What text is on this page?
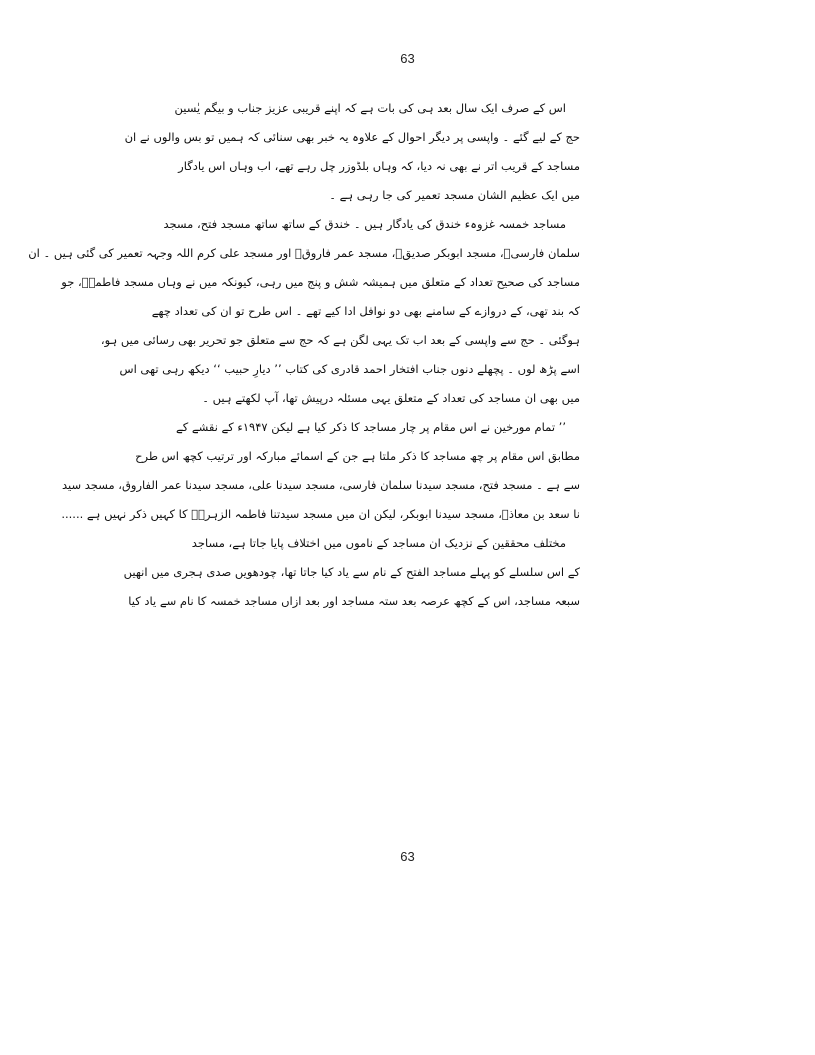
63
اس کے صرف ایک سال بعد ہی کی بات ہے کہ اپنے قریبی عزیز جناب و بیگم یٰسین
حج کے لیے گئے ۔ واپسی پر دیگر احوال کے علاوہ یہ خبر بھی سنائی کہ ہمیں تو بس والوں نے ان
مساجد کے قریب اتر نے بھی نہ دیا، کہ وہاں بلڈوزر چل رہے تھے، اب وہاں اس یادگار
میں ایک عظیم الشان مسجد تعمیر کی جا رہی ہے ۔
مساجد خمسہ غزوہء خندق کی یادگار ہیں ۔ خندق کے ساتھ ساتھ مسجد فتح، مسجد
سلمان فارسیؓ، مسجد ابوبکر صدیقؓ، مسجد عمر فاروقؓ اور مسجد علی کرم اللہ وجہہ تعمیر کی گئی ہیں ۔ ان
مساجد کی صحیح تعداد کے متعلق میں ہمیشہ شش و پنج میں رہی، کیونکہ میں نے وہاں مسجد فاطمہؓ، جو
کہ بند تھی، کے دروازے کے سامنے بھی دو نوافل ادا کیے تھے ۔ اس طرح تو ان کی تعداد چھے
ہوگئی ۔ حج سے واپسی کے بعد اب تک یہی لگن ہے کہ حج سے متعلق جو تحریر بھی رسائی میں ہو،
اسے پڑھ لوں ۔ پچھلے دنوں جناب افتخار احمد قادری کی کتاب ’’ دیارِ حبیب ‘‘ دیکھ رہی تھی اس
میں بھی ان مساجد کی تعداد کے متعلق یہی مسئلہ درپیش تھا، آپ لکھتے ہیں ۔
’’ تمام مورخین نے اس مقام پر چار مساجد کا ذکر کیا ہے لیکن ۱۹۴۷ء کے نقشے کے
مطابق اس مقام پر چھ مساجد کا ذکر ملتا ہے جن کے اسمائے مبارکہ اور ترتیب کچھ اس طرح
سے ہے ۔ مسجد فتح، مسجد سیدنا سلمان فارسی، مسجد سیدنا علی، مسجد سیدنا عمر الفاروق، مسجد سید
نا سعد بن معاذؓ، مسجد سیدنا ابوبکر، لیکن ان میں مسجد سیدتنا فاطمہ الزہرہؓ کا کہیں ذکر نہیں ہے ......
مختلف محققین کے نزدیک ان مساجد کے ناموں میں اختلاف پایا جاتا ہے، مساجد
کے اس سلسلے کو پہلے مساجد الفتح کے نام سے یاد کیا جاتا تھا، چودھویں صدی ہجری میں انھیں
سبعہ مساجد، اس کے کچھ عرصہ بعد ستہ مساجد اور بعد ازاں مساجد خمسہ کا نام سے یاد کیا
63
